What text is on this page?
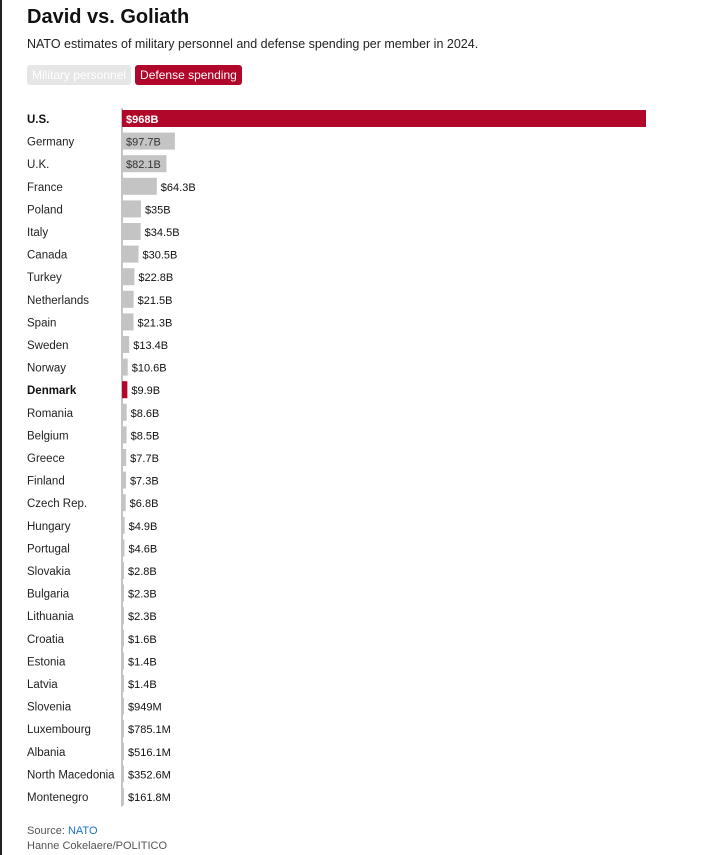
David vs. Goliath
NATO estimates of military personnel and defense spending per member in 2024.
Military personnel	Defense spending
U.S.	$968B
Germany	$97.7B
U.K.	$82.1B
France	$64.3B
Poland	$35B
Italy	$34.5B
Canada	$30.5B
Turkey	$22.8B
Netherlands	$21.5B
Spain	$21.3B
Sweden	$13.4B
Norway	$10.6B
Denmark	$9.9B
Romania	$8.6B
Belgium	$8.5B
Greece	$7.7B
Finland	$7.3B
Czech Rep.	$6.8B
Hungary	$4.9B
Portugal	$4.6B
Slovakia	$2.8B
Bulgaria	$2.3B
Lithuania	$2.3B
Croatia	$1.6B
Estonia	$1.4B
Latvia	$1.4B
Slovenia	$949M
Luxembourg	$785.1M
Albania	$516.1M
North Macedonia $352.6M
Montenegro	$161.8M
Source: NATO
Hanne Cokelaere/POLITICO
